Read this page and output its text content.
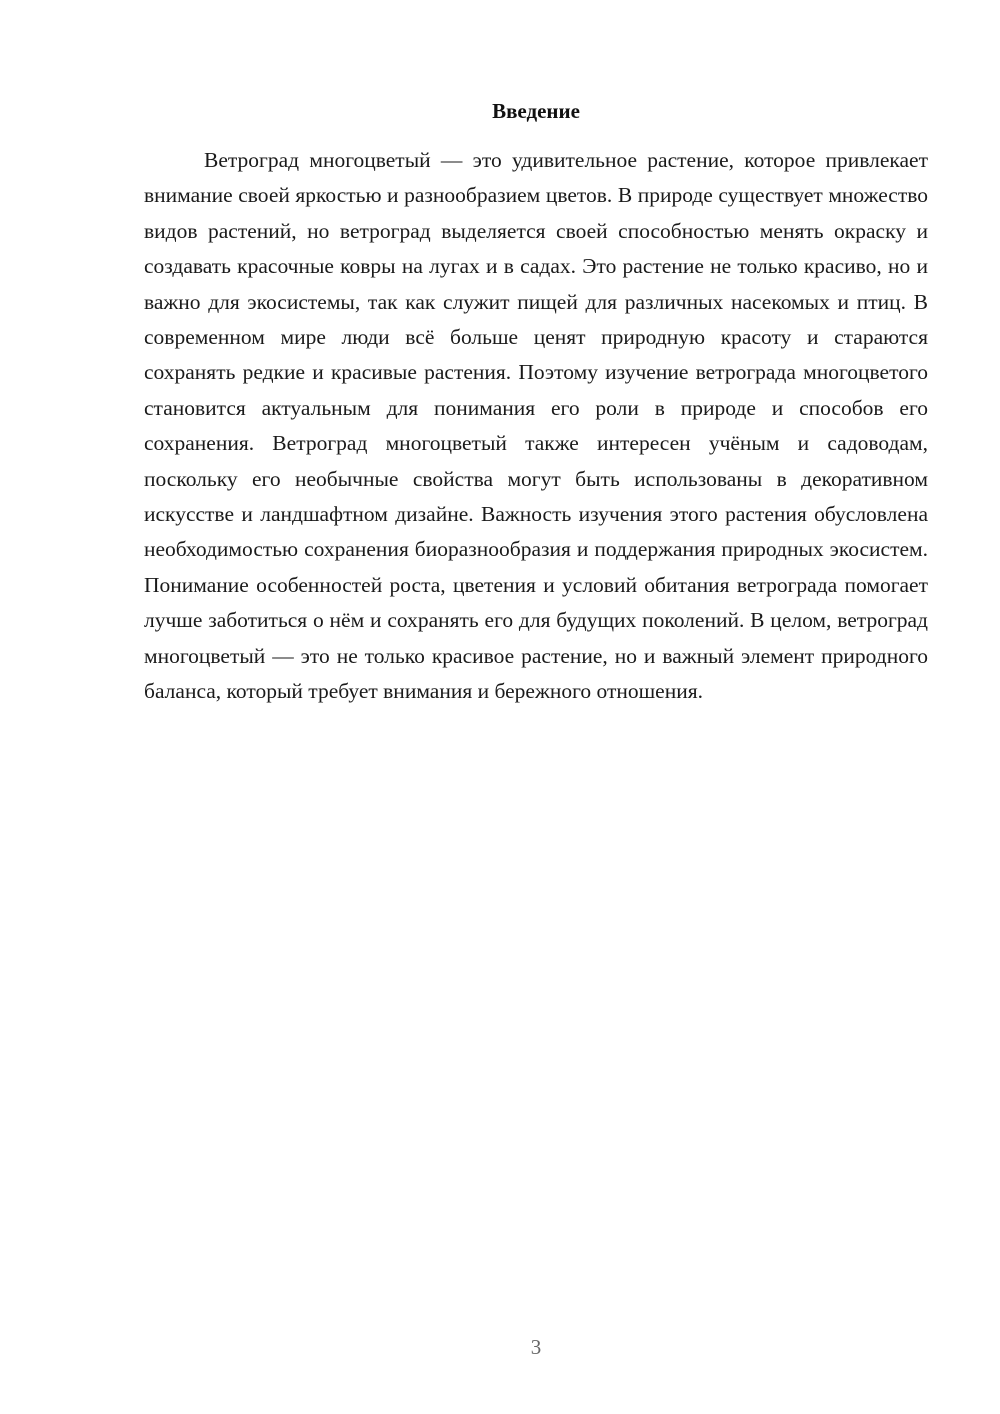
Введение

Ветроград многоцветый — это удивительное растение, которое привлекает внимание своей яркостью и разнообразием цветов. В природе существует множество видов растений, но ветроград выделяется своей способностью менять окраску и создавать красочные ковры на лугах и в садах. Это растение не только красиво, но и важно для экосистемы, так как служит пищей для различных насекомых и птиц. В современном мире люди всё больше ценят природную красоту и стараются сохранять редкие и красивые растения. Поэтому изучение ветроградa многоцветого становится актуальным для понимания его роли в природе и способов его сохранения. Ветроград многоцветый также интересен учёным и садоводам, поскольку его необычные свойства могут быть использованы в декоративном искусстве и ландшафтном дизайне. Важность изучения этого растения обусловлена необходимостью сохранения биоразнообразия и поддержания природных экосистем. Понимание особенностей роста, цветения и условий обитания ветрограда помогает лучше заботиться о нём и сохранять его для будущих поколений. В целом, ветроград многоцветый — это не только красивое растение, но и важный элемент природного баланса, который требует внимания и бережного отношения.

3
